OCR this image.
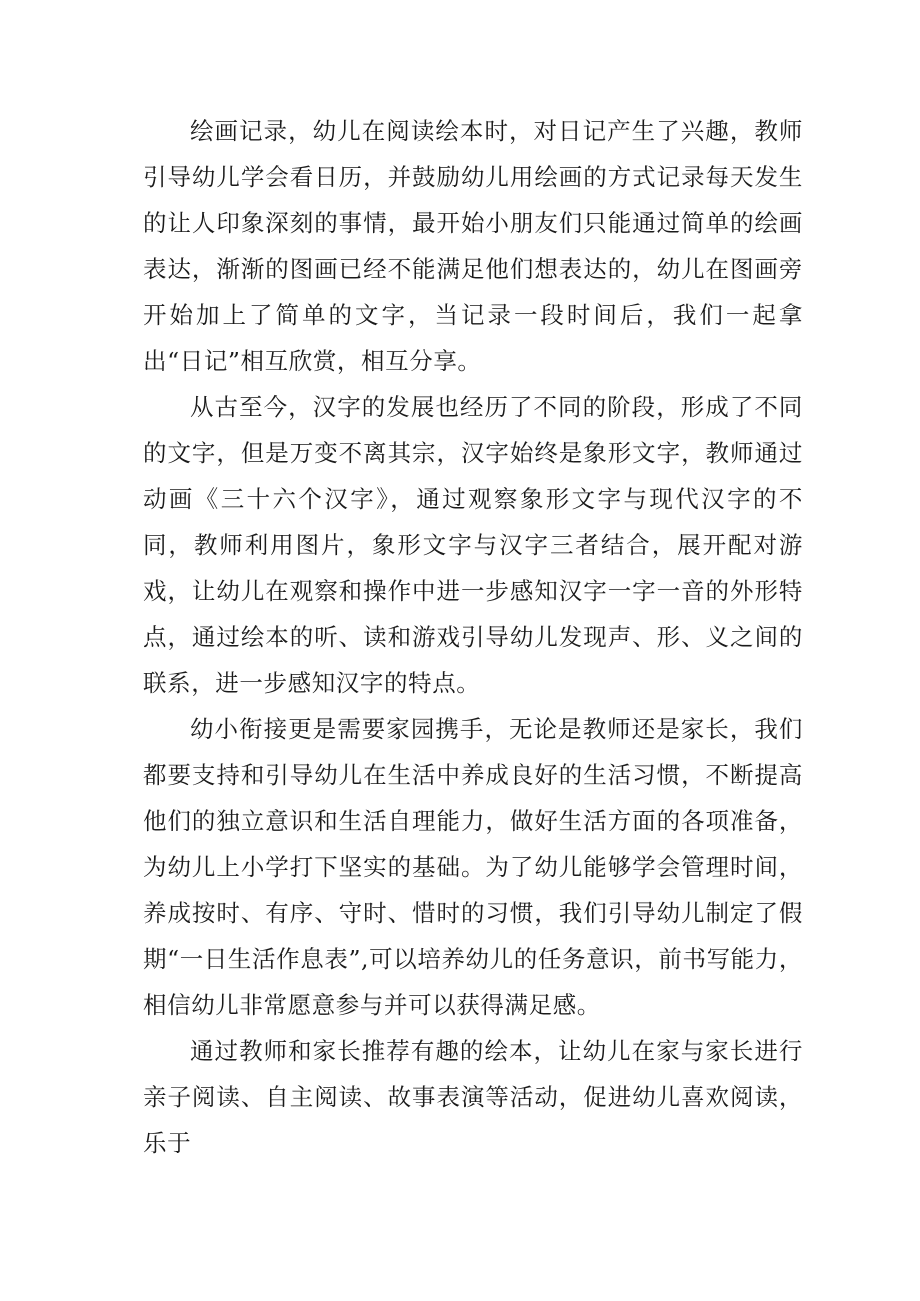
绘画记录，幼儿在阅读绘本时，对日记产生了兴趣，教师引导幼儿学会看日历，并鼓励幼儿用绘画的方式记录每天发生的让人印象深刻的事情，最开始小朋友们只能通过简单的绘画表达，渐渐的图画已经不能满足他们想表达的，幼儿在图画旁开始加上了简单的文字，当记录一段时间后，我们一起拿出“日记”相互欣赏，相互分享。

从古至今，汉字的发展也经历了不同的阶段，形成了不同的文字，但是万变不离其宗，汉字始终是象形文字，教师通过动画《三十六个汉字》，通过观察象形文字与现代汉字的不同，教师利用图片，象形文字与汉字三者结合，展开配对游戏，让幼儿在观察和操作中进一步感知汉字一字一音的外形特点，通过绘本的听、读和游戏引导幼儿发现声、形、义之间的联系，进一步感知汉字的特点。

幼小衔接更是需要家园携手，无论是教师还是家长，我们都要支持和引导幼儿在生活中养成良好的生活习惯，不断提高他们的独立意识和生活自理能力，做好生活方面的各项准备，为幼儿上小学打下坚实的基础。为了幼儿能够学会管理时间，养成按时、有序、守时、惜时的习惯，我们引导幼儿制定了假期“一日生活作息表”,可以培养幼儿的任务意识，前书写能力，相信幼儿非常愿意参与并可以获得满足感。

通过教师和家长推荐有趣的绘本，让幼儿在家与家长进行亲子阅读、自主阅读、故事表演等活动，促进幼儿喜欢阅读，乐于
